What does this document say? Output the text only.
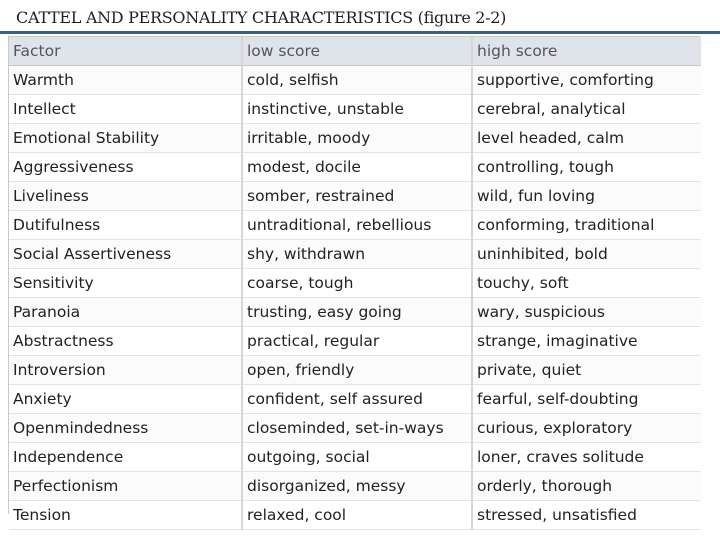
CATTEL AND PERSONALITY CHARACTERISTICS (figure 2-2)
Factor	low score	high score
Warmth	cold, selfish	supportive, comforting
Intellect	instinctive, unstable	cerebral, analytical
Emotional Stability	irritable, moody	level headed, calm
Aggressiveness	modest, docile	controlling, tough
Liveliness	somber, restrained	wild, fun loving
Dutifulness	untraditional, rebellious	conforming, traditional
Social Assertiveness	shy, withdrawn	uninhibited, bold
Sensitivity	coarse, tough	touchy, soft
Paranoia	trusting, easy going	wary, suspicious
Abstractness	practical, regular	strange, imaginative
Introversion	open, friendly	private, quiet
Anxiety	confident, self assured	fearful, self-doubting
Openmindedness	closeminded, set-in-ways	curious, exploratory
Independence	outgoing, social	loner, craves solitude
Perfectionism	disorganized, messy	orderly, thorough
Tension	relaxed, cool	stressed, unsatisfied
